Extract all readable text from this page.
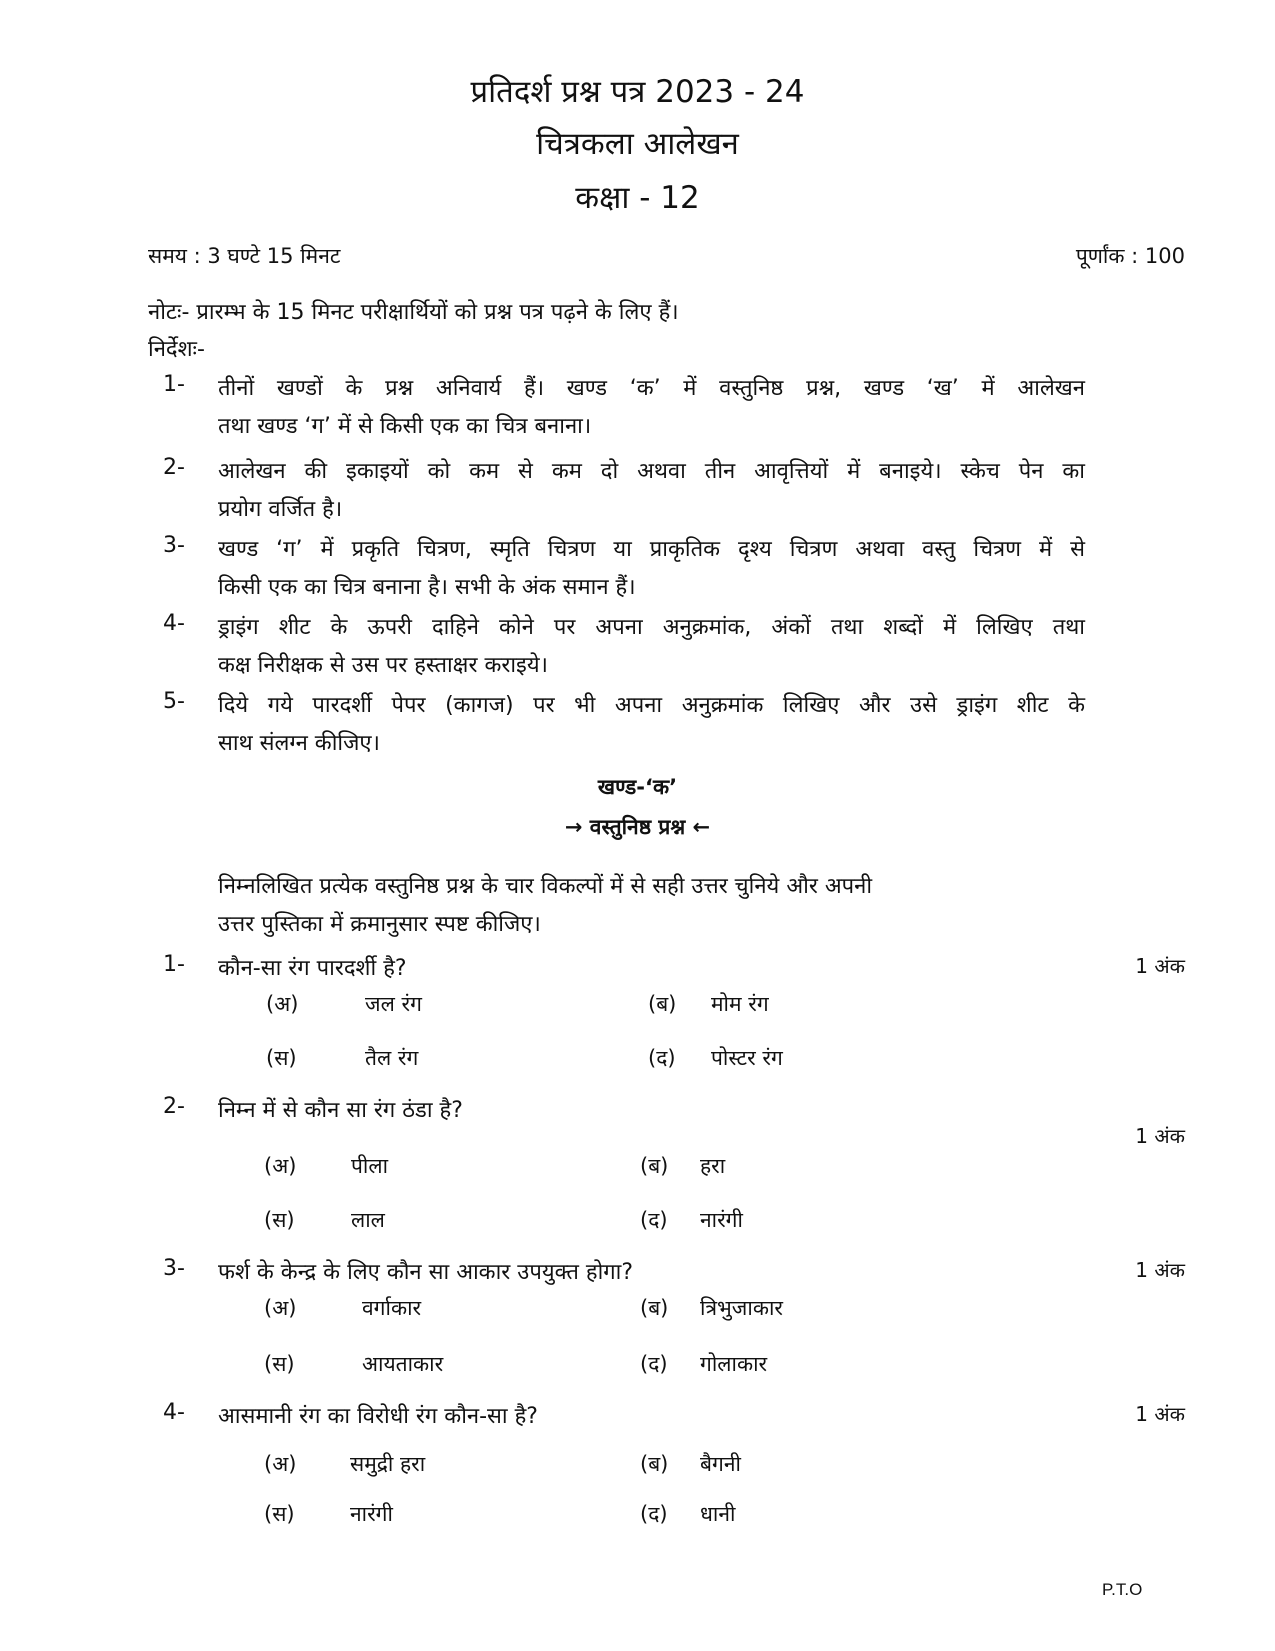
प्रतिदर्श प्रश्न पत्र 2023 - 24
चित्रकला आलेखन
कक्षा - 12
समय : 3 घण्टे 15 मिनट	पूर्णांक : 100
नोटः- प्रारम्भ के 15 मिनट परीक्षार्थियों को प्रश्न पत्र पढ़ने के लिए हैं।
निर्देशः-
1- तीनों खण्डों के प्रश्न अनिवार्य हैं। खण्ड ‘क’ में वस्तुनिष्ठ प्रश्न, खण्ड ‘ख’ में आलेखन
तथा खण्ड ‘ग’ में से किसी एक का चित्र बनाना।
2- आलेखन की इकाइयों को कम से कम दो अथवा तीन आवृत्तियों में बनाइये। स्केच पेन का
प्रयोग वर्जित है।
3- खण्ड ‘ग’ में प्रकृति चित्रण, स्मृति चित्रण या प्राकृतिक दृश्य चित्रण अथवा वस्तु चित्रण में से
किसी एक का चित्र बनाना है। सभी के अंक समान हैं।
4- ड्राइंग शीट के ऊपरी दाहिने कोने पर अपना अनुक्रमांक, अंकों तथा शब्दों में लिखिए तथा
कक्ष निरीक्षक से उस पर हस्ताक्षर कराइये।
5- दिये गये पारदर्शी पेपर (कागज) पर भी अपना अनुक्रमांक लिखिए और उसे ड्राइंग शीट के
साथ संलग्न कीजिए।
खण्ड-‘क’
→ वस्तुनिष्ठ प्रश्न ←
निम्नलिखित प्रत्येक वस्तुनिष्ठ प्रश्न के चार विकल्पों में से सही उत्तर चुनिये और अपनी
उत्तर पुस्तिका में क्रमानुसार स्पष्ट कीजिए।
1- कौन-सा रंग पारदर्शी है?	1 अंक
(अ)	जल रंग	(ब) मोम रंग
(स)	तैल रंग	(द) पोस्टर रंग
2- निम्न में से कौन सा रंग ठंडा है?
1 अंक
(अ)	पीला	(ब) हरा
(स)	लाल	(द) नारंगी
3- फर्श के केन्द्र के लिए कौन सा आकार उपयुक्त होगा?	1 अंक
(अ)	वर्गाकार	(ब) त्रिभुजाकार
(स)	आयताकार	(द) गोलाकार
4- आसमानी रंग का विरोधी रंग कौन-सा है?	1 अंक
(अ)	समुद्री हरा	(ब) बैगनी
(स)	नारंगी	(द) धानी
P.T.O
